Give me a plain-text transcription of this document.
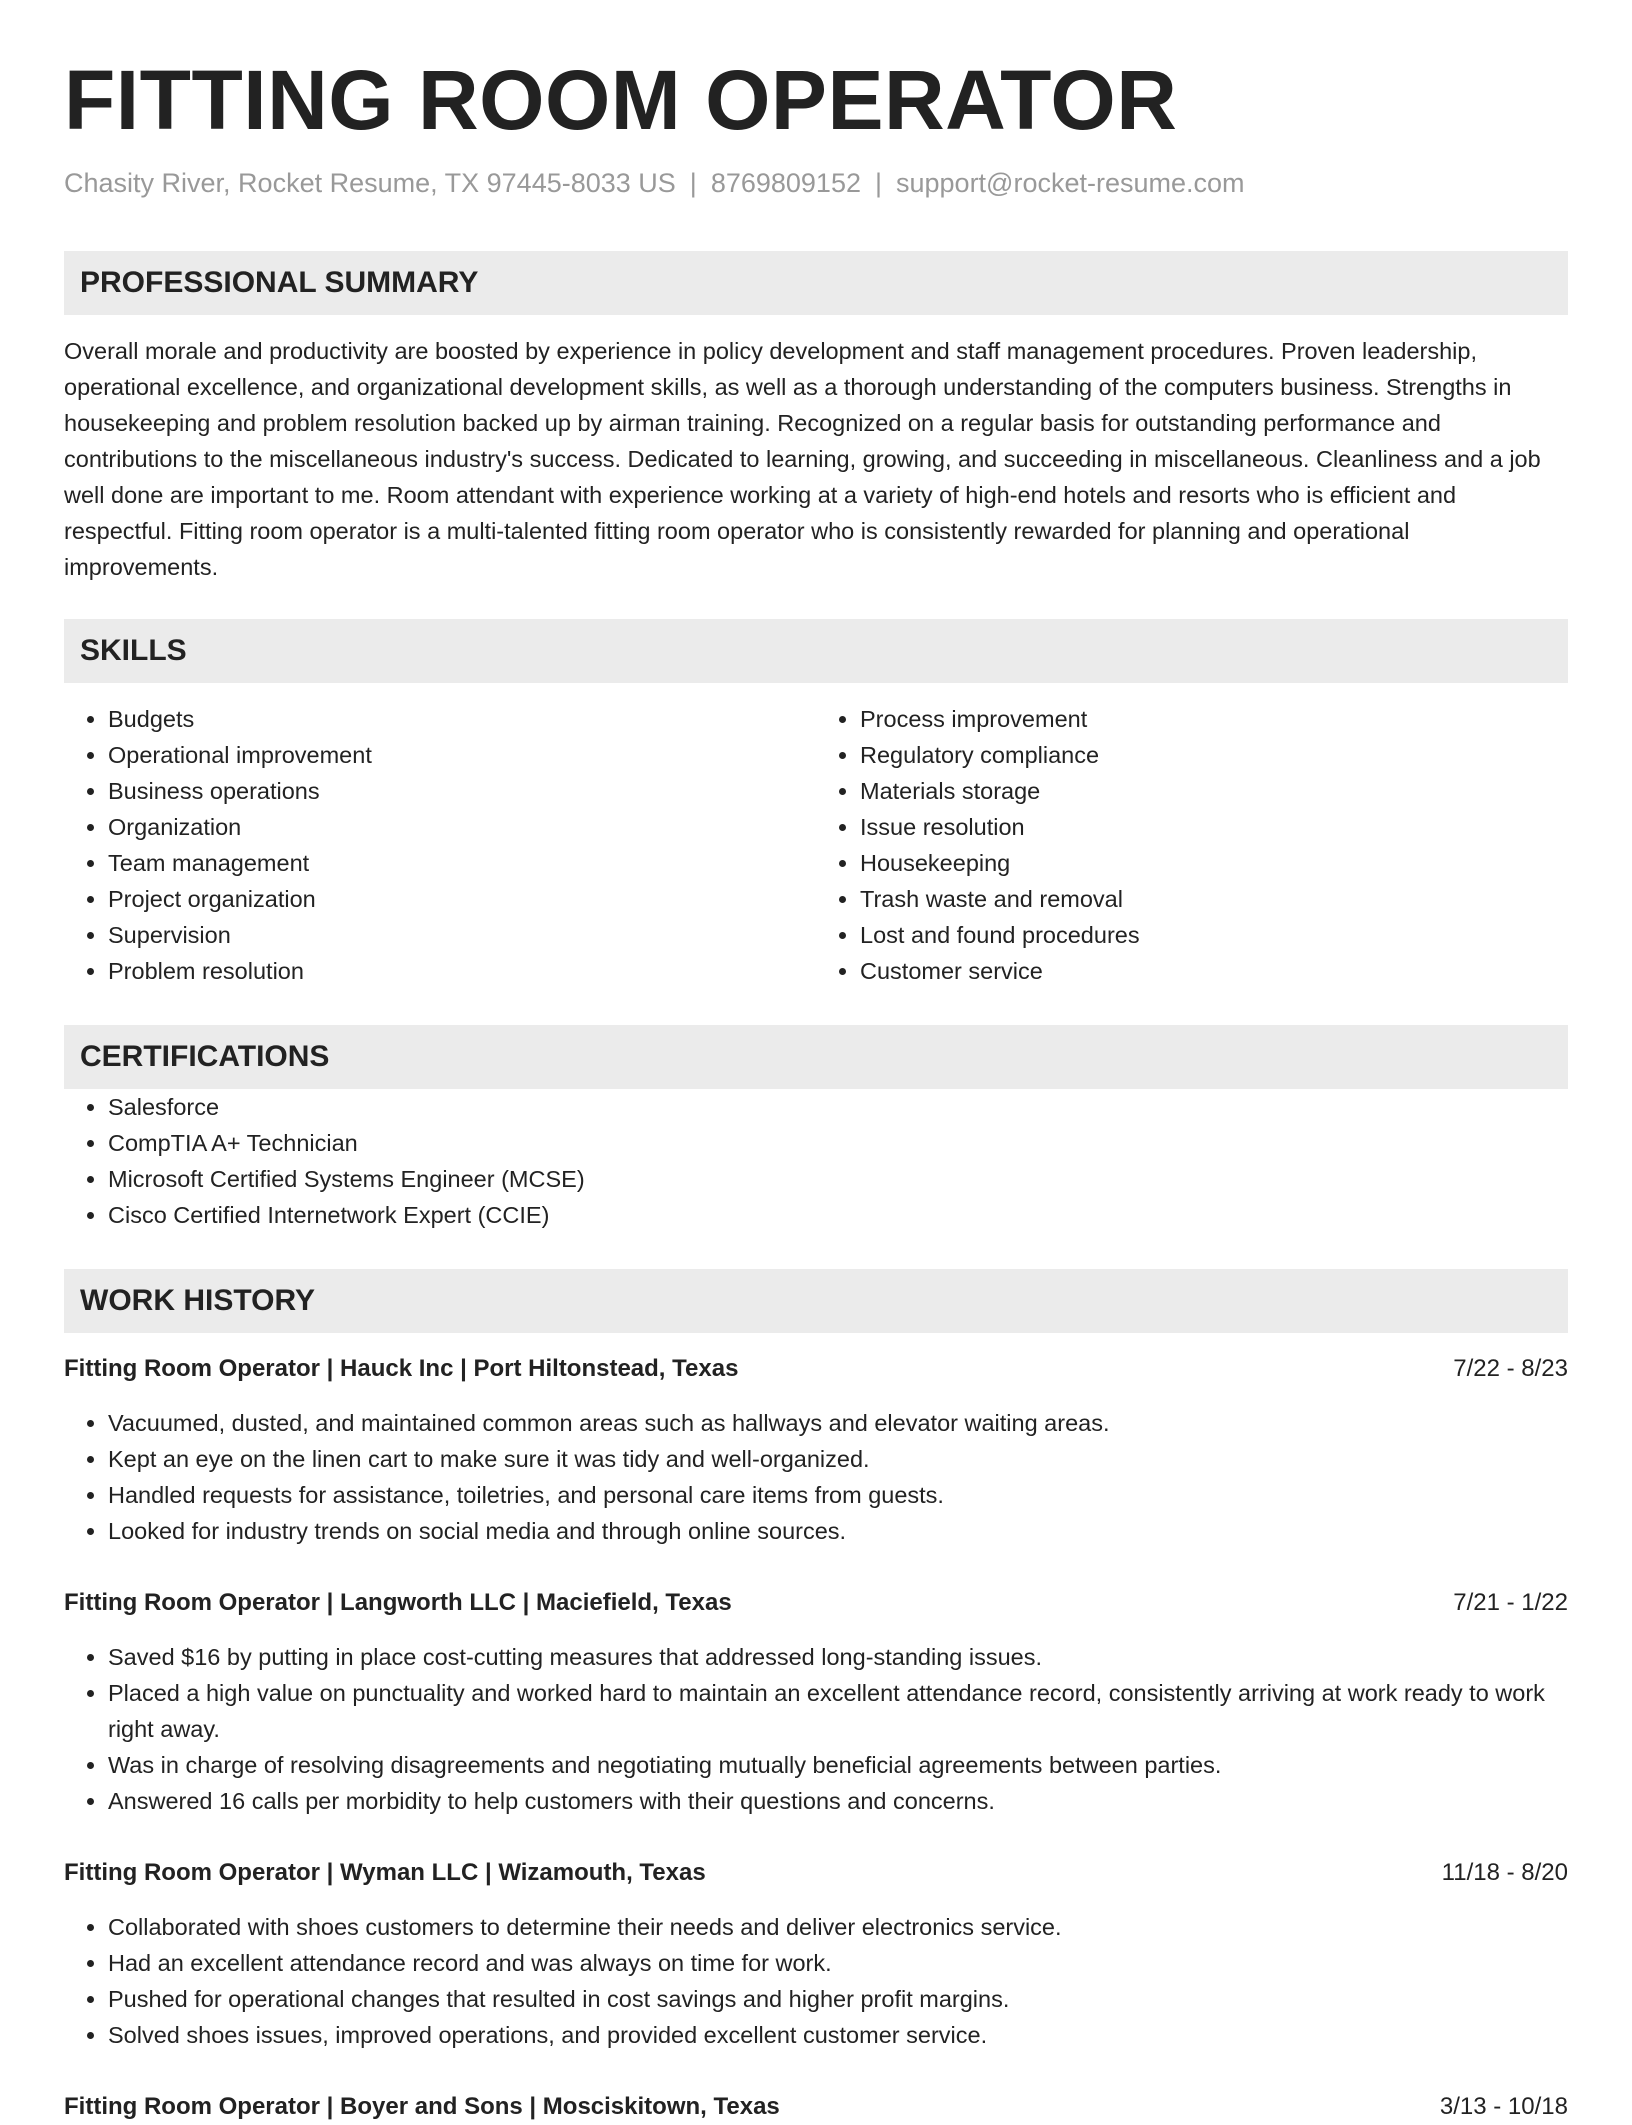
FITTING ROOM OPERATOR
Chasity River, Rocket Resume, TX 97445-8033 US | 8769809152 | support@rocket-resume.com
PROFESSIONAL SUMMARY
Overall morale and productivity are boosted by experience in policy development and staff management procedures. Proven leadership, operational excellence, and organizational development skills, as well as a thorough understanding of the computers business. Strengths in housekeeping and problem resolution backed up by airman training. Recognized on a regular basis for outstanding performance and contributions to the miscellaneous industry's success. Dedicated to learning, growing, and succeeding in miscellaneous. Cleanliness and a job well done are important to me. Room attendant with experience working at a variety of high-end hotels and resorts who is efficient and respectful. Fitting room operator is a multi-talented fitting room operator who is consistently rewarded for planning and operational improvements.
SKILLS
• Budgets
• Operational improvement
• Business operations
• Organization
• Team management
• Project organization
• Supervision
• Problem resolution
• Process improvement
• Regulatory compliance
• Materials storage
• Issue resolution
• Housekeeping
• Trash waste and removal
• Lost and found procedures
• Customer service
CERTIFICATIONS
• Salesforce
• CompTIA A+ Technician
• Microsoft Certified Systems Engineer (MCSE)
• Cisco Certified Internetwork Expert (CCIE)
WORK HISTORY
Fitting Room Operator | Hauck Inc | Port Hiltonstead, Texas	7/22 - 8/23
• Vacuumed, dusted, and maintained common areas such as hallways and elevator waiting areas.
• Kept an eye on the linen cart to make sure it was tidy and well-organized.
• Handled requests for assistance, toiletries, and personal care items from guests.
• Looked for industry trends on social media and through online sources.
Fitting Room Operator | Langworth LLC | Maciefield, Texas	7/21 - 1/22
• Saved $16 by putting in place cost-cutting measures that addressed long-standing issues.
• Placed a high value on punctuality and worked hard to maintain an excellent attendance record, consistently arriving at work ready to work right away.
• Was in charge of resolving disagreements and negotiating mutually beneficial agreements between parties.
• Answered 16 calls per morbidity to help customers with their questions and concerns.
Fitting Room Operator | Wyman LLC | Wizamouth, Texas	11/18 - 8/20
• Collaborated with shoes customers to determine their needs and deliver electronics service.
• Had an excellent attendance record and was always on time for work.
• Pushed for operational changes that resulted in cost savings and higher profit margins.
• Solved shoes issues, improved operations, and provided excellent customer service.
Fitting Room Operator | Boyer and Sons | Mosciskitown, Texas	3/13 - 10/18
